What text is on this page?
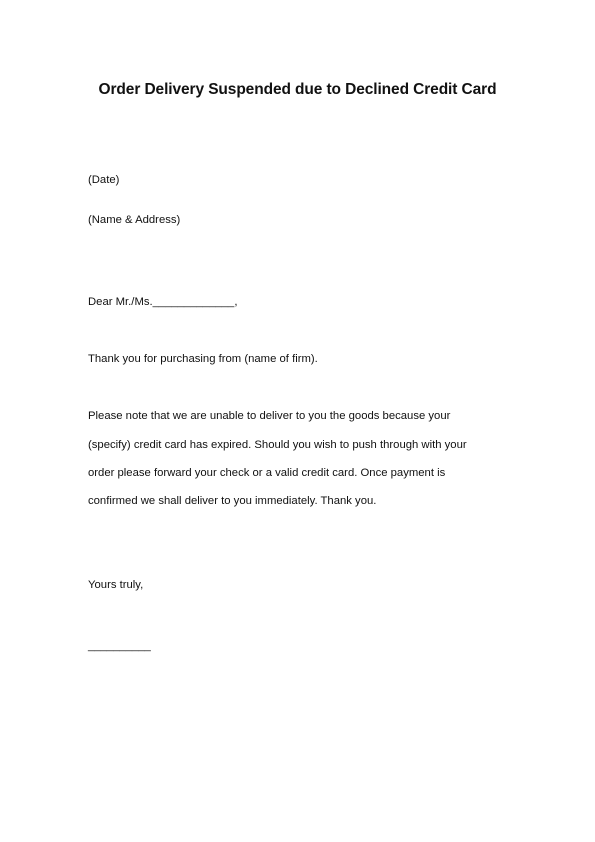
Order Delivery Suspended due to Declined Credit Card
(Date)
(Name & Address)
Dear Mr./Ms._____________,
Thank you for purchasing from (name of firm).
Please note that we are unable to deliver to you the goods because your
(specify) credit card has expired. Should you wish to push through with your
order please forward your check or a valid credit card. Once payment is
confirmed we shall deliver to you immediately. Thank you.
Yours truly,
__________
